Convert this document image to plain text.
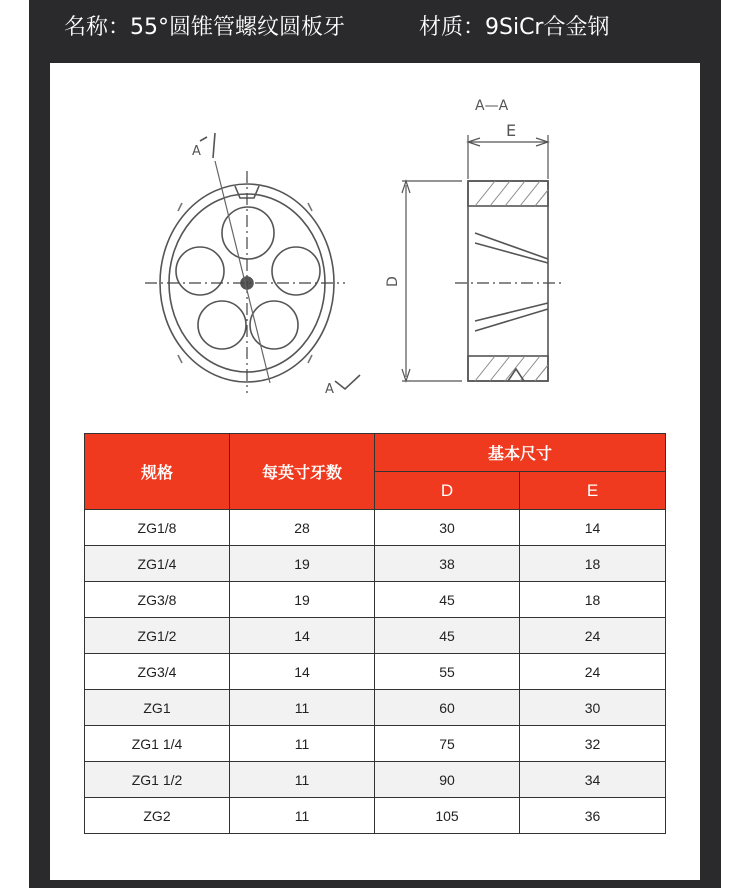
名称：55°圆锥管螺纹圆板牙	材质：9SiCr合金钢
A—A
A
A
E
D
规格	每英寸牙数	基本尺寸	
		D	E
ZG1/8	28	30	14
ZG1/4	19	38	18
ZG3/8	19	45	18
ZG1/2	14	45	24
ZG3/4	14	55	24
ZG1	11	60	30
ZG1 1/4	11	75	32
ZG1 1/2	11	90	34
ZG2	11	105	36
